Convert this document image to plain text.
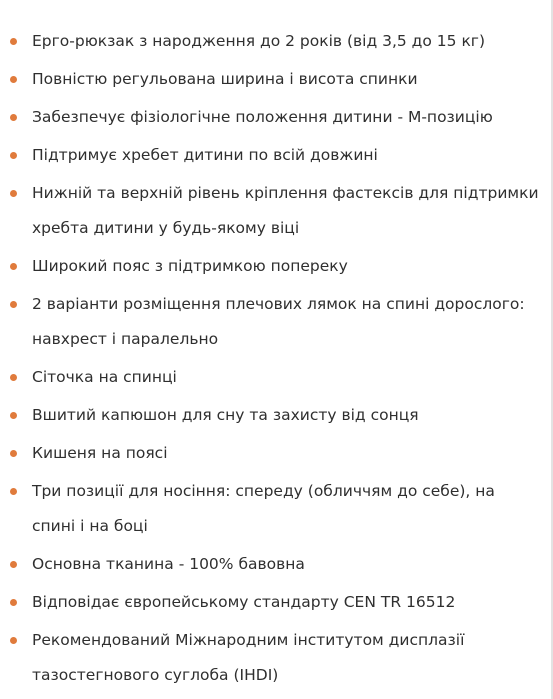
Ерго-рюкзак з народження до 2 років (від 3,5 до 15 кг)
Повністю регульована ширина і висота спинки
Забезпечує фізіологічне положення дитини - М-позицію
Підтримує хребет дитини по всій довжині
Нижній та верхній рівень кріплення фастексів для підтримки хребта дитини у будь-якому віці
Широкий пояс з підтримкою попереку
2 варіанти розміщення плечових лямок на спині дорослого: навхрест і паралельно
Сіточка на спинці
Вшитий капюшон для сну та захисту від сонця
Кишеня на поясі
Три позиції для носіння: спереду (обличчям до себе), на спині і на боці
Основна тканина - 100% бавовна
Відповідає європейському стандарту CEN TR 16512
Рекомендований Міжнародним інститутом дисплазії тазостегнового суглоба (IHDI)
